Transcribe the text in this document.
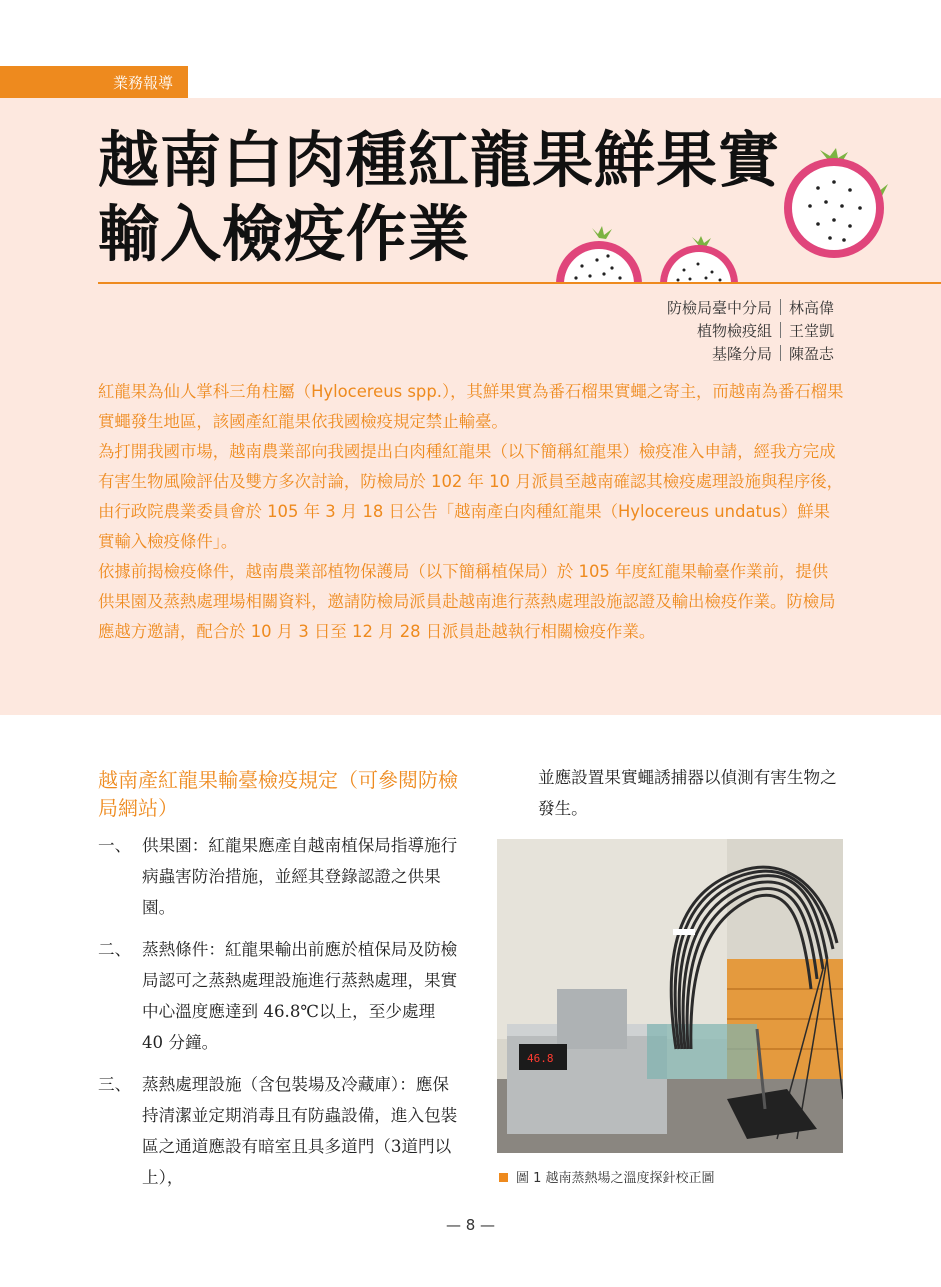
業務報導
越南白肉種紅龍果鮮果實
輸入檢疫作業
防檢局臺中分局 林高偉
植物檢疫組 王堂凱
基隆分局 陳盈志

紅龍果為仙人掌科三角柱屬（Hylocereus spp.），其鮮果實為番石榴果實蠅之寄主，而越南為番石榴果實蠅發生地區，該國產紅龍果依我國檢疫規定禁止輸臺。

為打開我國市場，越南農業部向我國提出白肉種紅龍果（以下簡稱紅龍果）檢疫准入申請，經我方完成有害生物風險評估及雙方多次討論，防檢局於 102 年 10 月派員至越南確認其檢疫處理設施與程序後，由行政院農業委員會於 105 年 3 月 18 日公告「越南產白肉種紅龍果（Hylocereus undatus）鮮果實輸入檢疫條件」。

依據前揭檢疫條件，越南農業部植物保護局（以下簡稱植保局）於 105 年度紅龍果輸臺作業前，提供供果園及蒸熱處理場相關資料，邀請防檢局派員赴越南進行蒸熱處理設施認證及輸出檢疫作業。防檢局應越方邀請，配合於 10 月 3 日至 12 月 28 日派員赴越執行相關檢疫作業。

越南產紅龍果輸臺檢疫規定（可參閱防檢局網站）
一、 供果園：紅龍果應產自越南植保局指導施行病蟲害防治措施，並經其登錄認證之供果園。
二、 蒸熱條件：紅龍果輸出前應於植保局及防檢局認可之蒸熱處理設施進行蒸熱處理，果實中心溫度應達到 46.8℃以上，至少處理 40 分鐘。
三、 蒸熱處理設施（含包裝場及冷藏庫）：應保持清潔並定期消毒且有防蟲設備，進入包裝區之通道應設有暗室且具多道門（3道門以上），
並應設置果實蠅誘捕器以偵測有害生物之發生。
46.8
圖 1 越南蒸熱場之溫度探針校正圖
— 8 —
